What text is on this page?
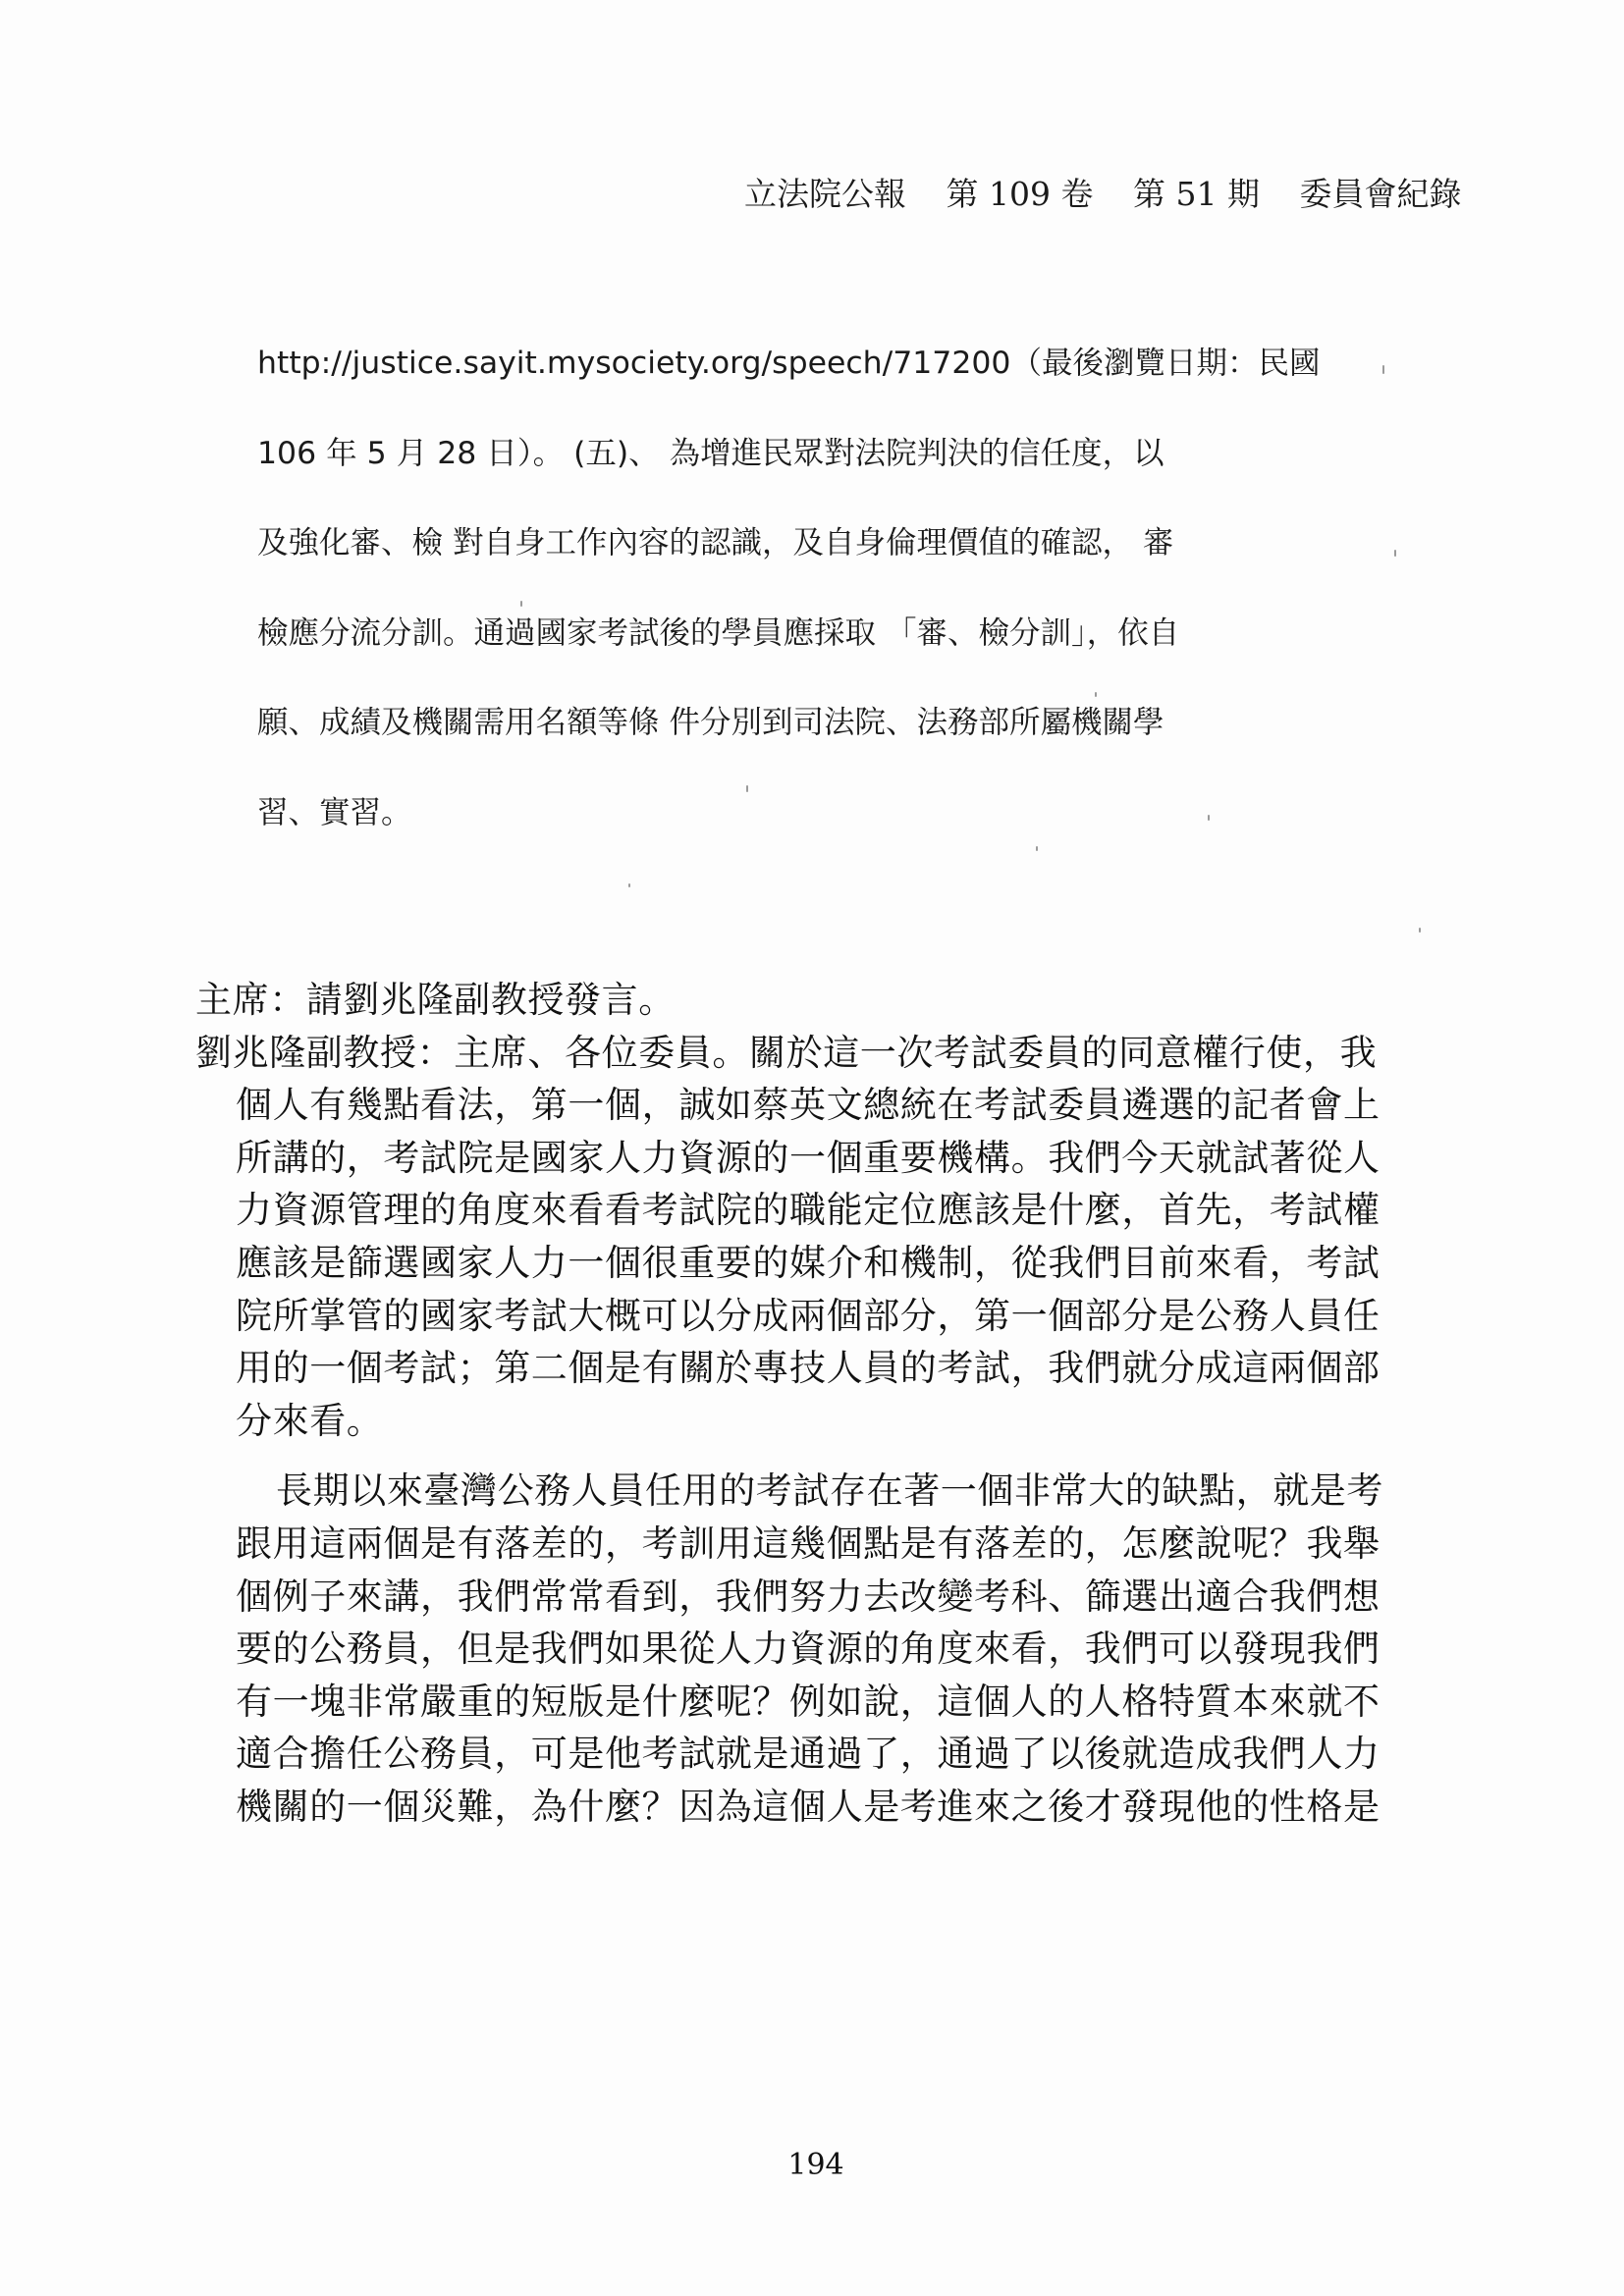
立法院公報 第 109 卷 第 51 期 委員會紀錄
http://justice.sayit.mysociety.org/speech/717200（最後瀏覽日期：民國
106 年 5 月 28 日）。 (五)、 為增進民眾對法院判決的信任度，以
及強化審、檢 對自身工作內容的認識，及自身倫理價值的確認， 審
檢應分流分訓。通過國家考試後的學員應採取 「審、檢分訓」，依自
願、成績及機關需用名額等條 件分別到司法院、法務部所屬機關學
習、實習。
主席：請劉兆隆副教授發言。
劉兆隆副教授：主席、各位委員。關於這一次考試委員的同意權行使，我
個人有幾點看法，第一個，誠如蔡英文總統在考試委員遴選的記者會上
所講的，考試院是國家人力資源的一個重要機構。我們今天就試著從人
力資源管理的角度來看看考試院的職能定位應該是什麼，首先，考試權
應該是篩選國家人力一個很重要的媒介和機制，從我們目前來看，考試
院所掌管的國家考試大概可以分成兩個部分，第一個部分是公務人員任
用的一個考試；第二個是有關於專技人員的考試，我們就分成這兩個部
分來看。
長期以來臺灣公務人員任用的考試存在著一個非常大的缺點，就是考
跟用這兩個是有落差的，考訓用這幾個點是有落差的，怎麼說呢？我舉
個例子來講，我們常常看到，我們努力去改變考科、篩選出適合我們想
要的公務員，但是我們如果從人力資源的角度來看，我們可以發現我們
有一塊非常嚴重的短版是什麼呢？例如說，這個人的人格特質本來就不
適合擔任公務員，可是他考試就是通過了，通過了以後就造成我們人力
機關的一個災難，為什麼？因為這個人是考進來之後才發現他的性格是
194
